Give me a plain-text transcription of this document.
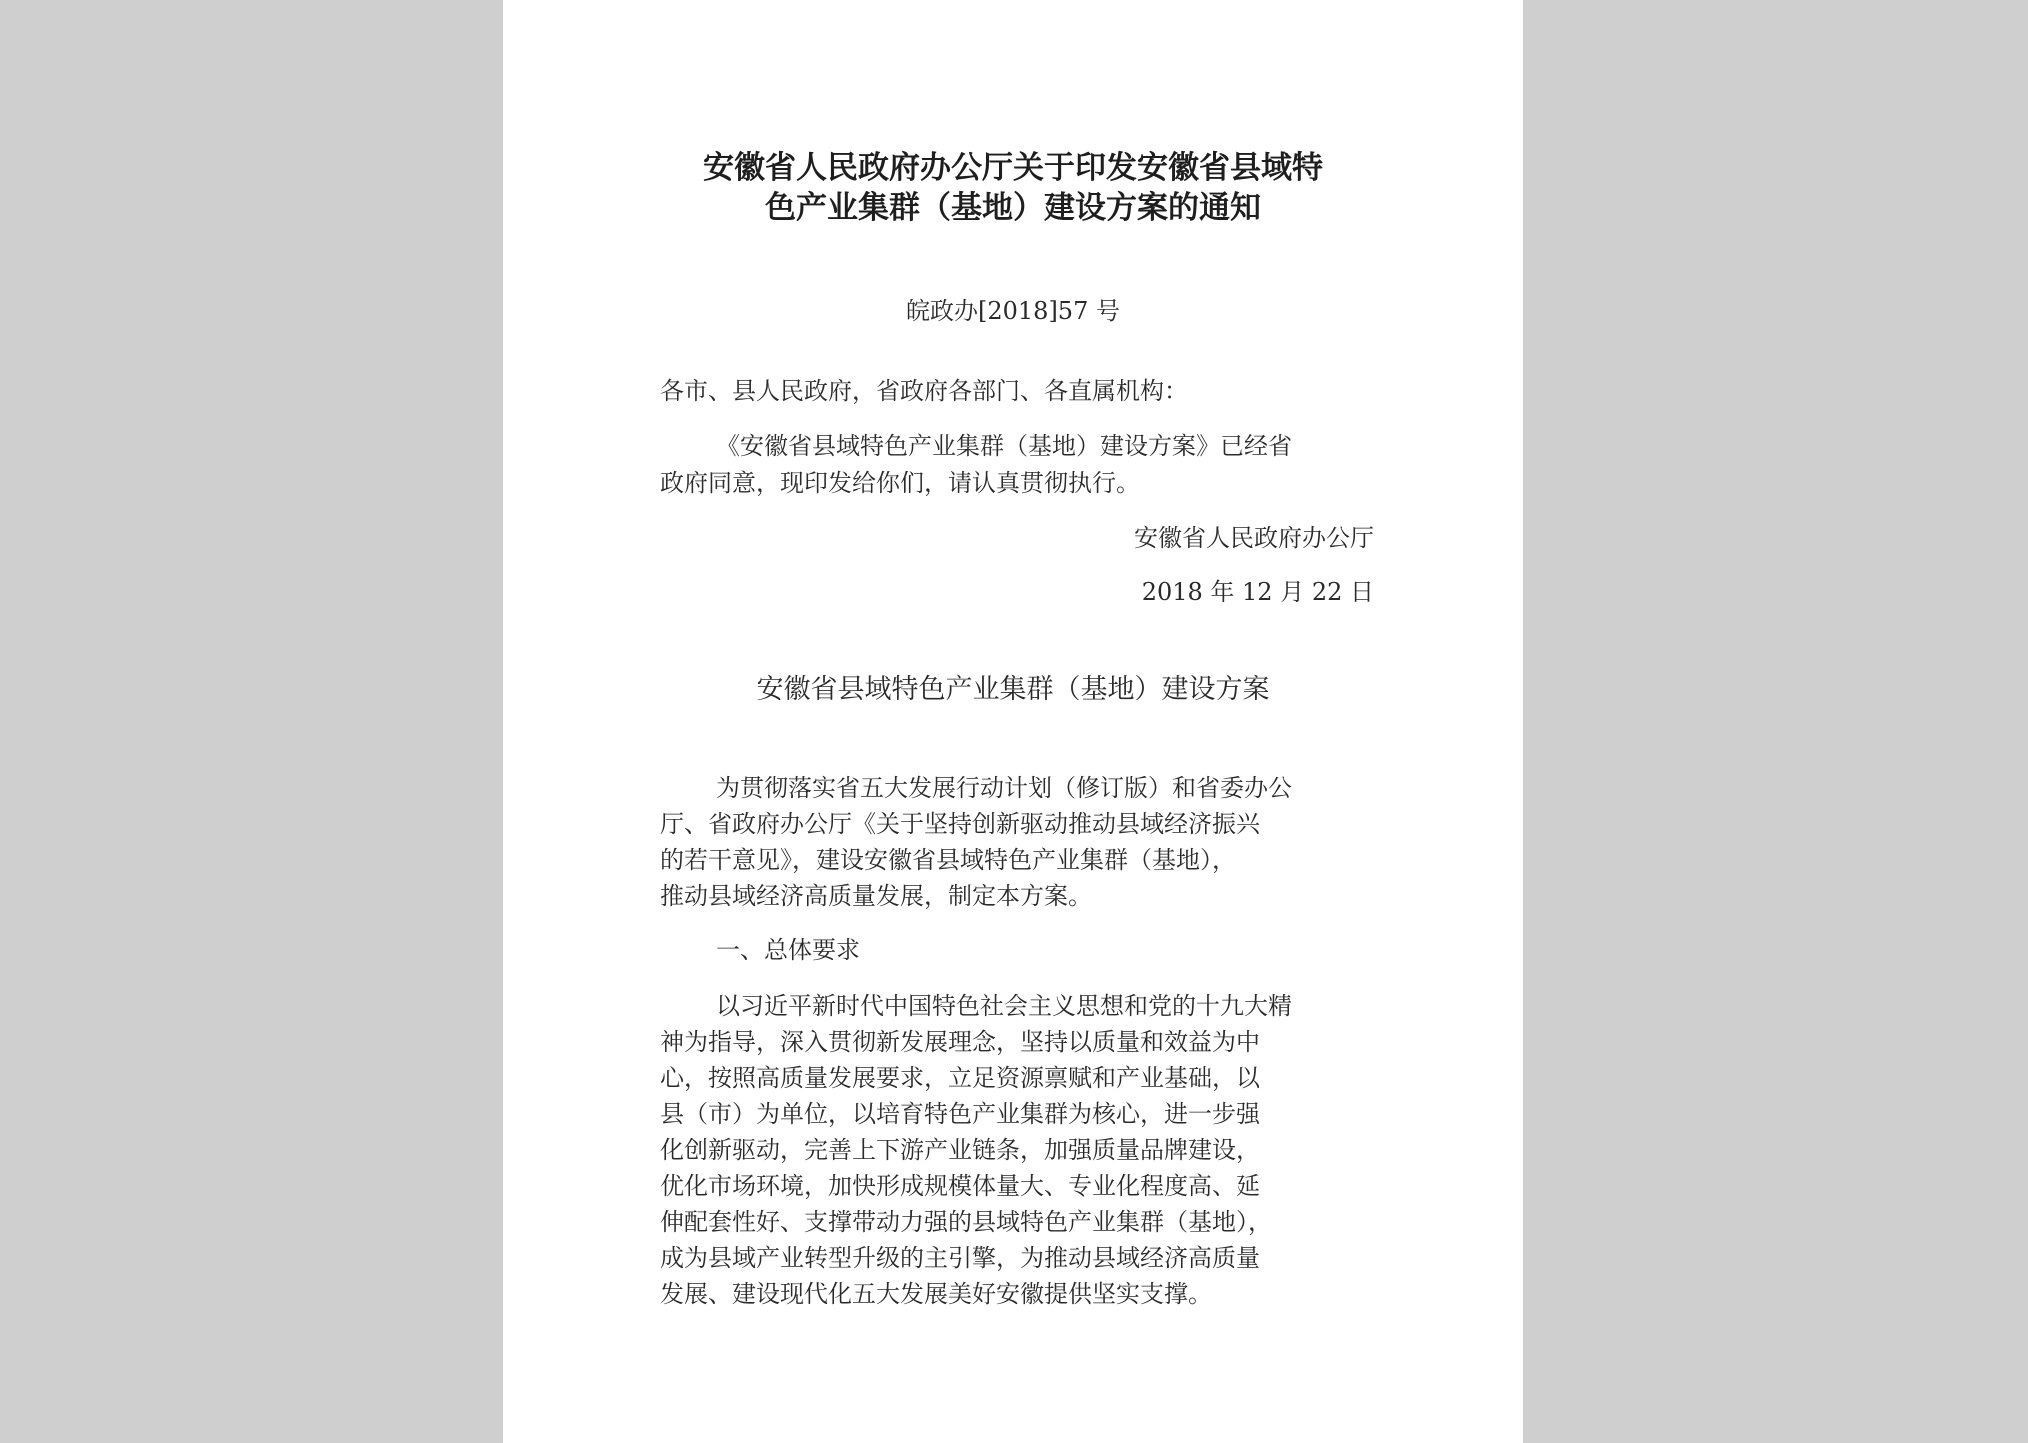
安徽省人民政府办公厅关于印发安徽省县域特
色产业集群（基地）建设方案的通知
皖政办[2018]57 号
各市、县人民政府，省政府各部门、各直属机构：
《安徽省县域特色产业集群（基地）建设方案》已经省
政府同意，现印发给你们，请认真贯彻执行。
安徽省人民政府办公厅
2018 年 12 月 22 日
安徽省县域特色产业集群（基地）建设方案
为贯彻落实省五大发展行动计划（修订版）和省委办公
厅、省政府办公厅《关于坚持创新驱动推动县域经济振兴
的若干意见》，建设安徽省县域特色产业集群（基地），
推动县域经济高质量发展，制定本方案。
一、总体要求
以习近平新时代中国特色社会主义思想和党的十九大精
神为指导，深入贯彻新发展理念，坚持以质量和效益为中
心，按照高质量发展要求，立足资源禀赋和产业基础，以
县（市）为单位，以培育特色产业集群为核心，进一步强
化创新驱动，完善上下游产业链条，加强质量品牌建设，
优化市场环境，加快形成规模体量大、专业化程度高、延
伸配套性好、支撑带动力强的县域特色产业集群（基地），
成为县域产业转型升级的主引擎，为推动县域经济高质量
发展、建设现代化五大发展美好安徽提供坚实支撑。
